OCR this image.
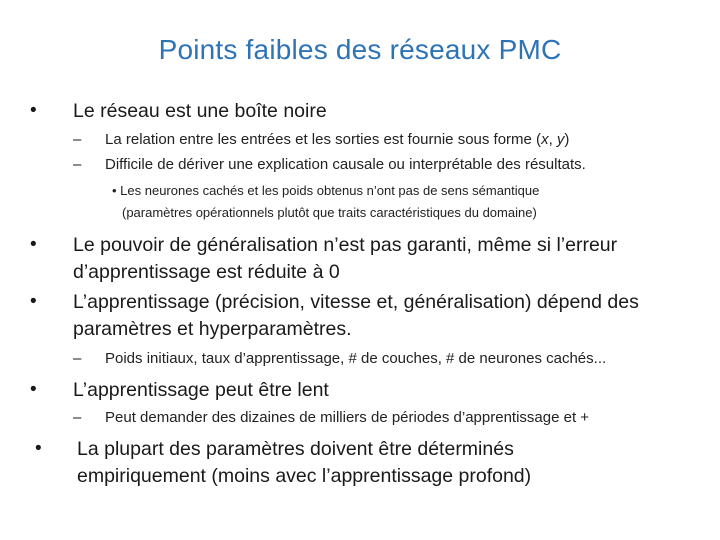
Points faibles des réseaux PMC
• Le réseau est une boîte noire
– La relation entre les entrées et les sorties est fournie sous forme (x, y)
– Difficile de dériver une explication causale ou interprétable des résultats.
• Les neurones cachés et les poids obtenus n’ont pas de sens sémantique
(paramètres opérationnels plutôt que traits caractéristiques du domaine)
• Le pouvoir de généralisation n’est pas garanti, même si l’erreur
d’apprentissage est réduite à 0
• L’apprentissage (précision, vitesse et, généralisation) dépend des
paramètres et hyperparamètres.
– Poids initiaux, taux d’apprentissage, # de couches, # de neurones cachés...
• L’apprentissage peut être lent
– Peut demander des dizaines de milliers de périodes d’apprentissage et +
• La plupart des paramètres doivent être déterminés
empiriquement (moins avec l’apprentissage profond)
